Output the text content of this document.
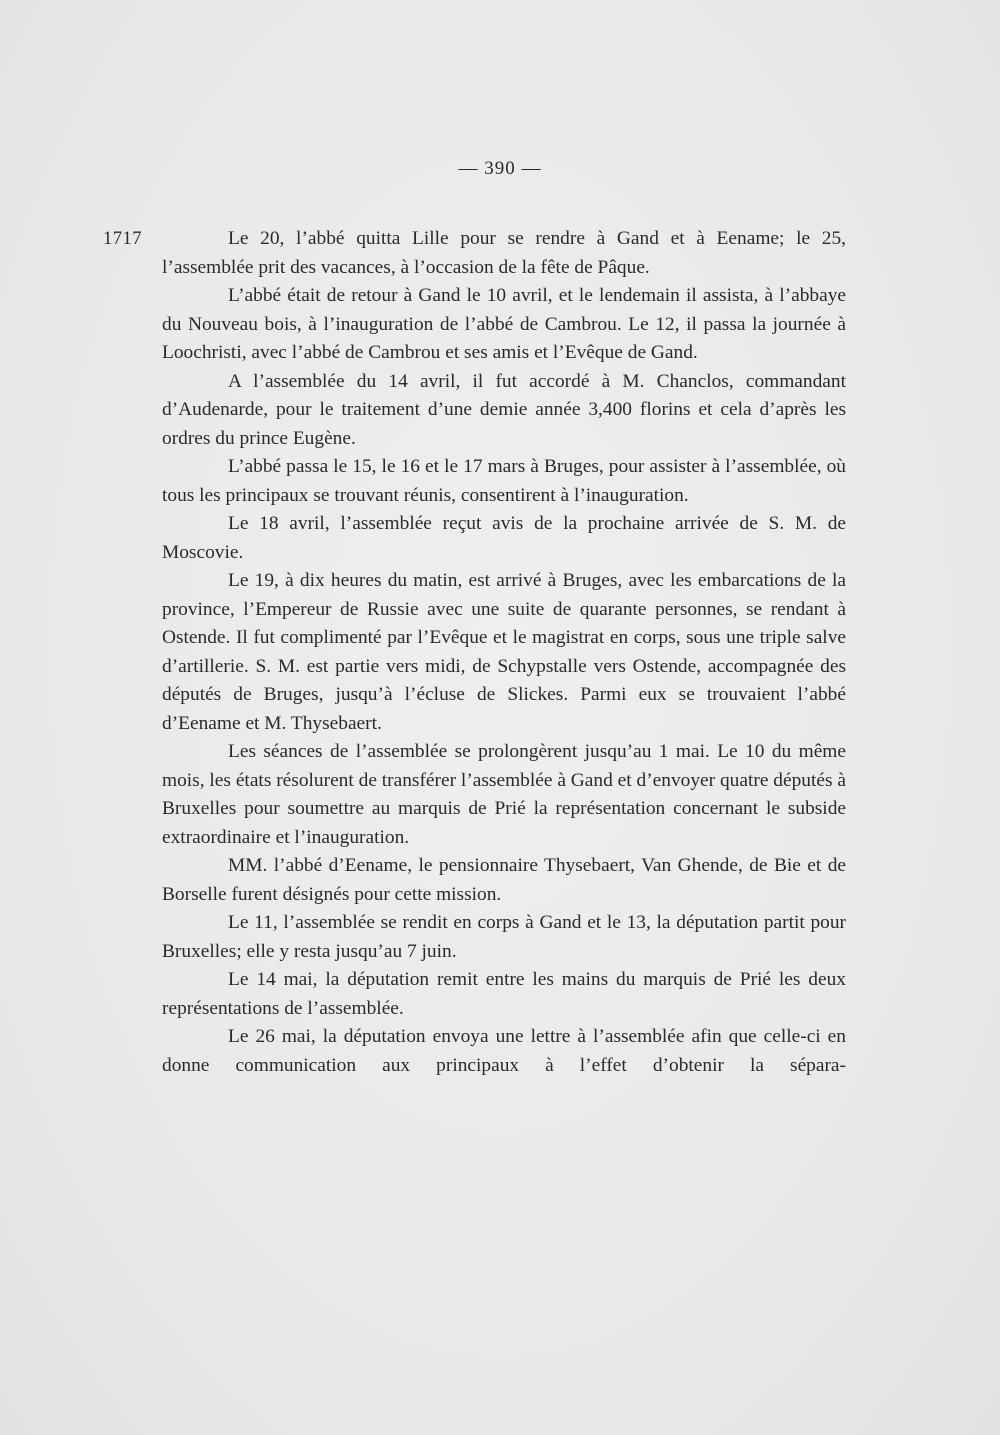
— 390 —
1717	Le 20, l’abbé quitta Lille pour se rendre à Gand et à Eename; le 25, l’assemblée prit des vacances, à l’occasion de la fête de Pâque.

L’abbé était de retour à Gand le 10 avril, et le lendemain il assista, à l’abbaye du Nouveau bois, à l’inauguration de l’abbé de Cambrou. Le 12, il passa la journée à Loochristi, avec l’abbé de Cambrou et ses amis et l’Evêque de Gand.

A l’assemblée du 14 avril, il fut accordé à M. Chanclos, commandant d’Audenarde, pour le traitement d’une demie année 3,400 florins et cela d’après les ordres du prince Eugène.

L’abbé passa le 15, le 16 et le 17 mars à Bruges, pour assister à l’assemblée, où tous les principaux se trouvant réunis, consentirent à l’inauguration.

Le 18 avril, l’assemblée reçut avis de la prochaine arrivée de S. M. de Moscovie.

Le 19, à dix heures du matin, est arrivé à Bruges, avec les embarcations de la province, l’Empereur de Russie avec une suite de quarante personnes, se rendant à Ostende. Il fut complimenté par l’Evêque et le magistrat en corps, sous une triple salve d’artillerie. S. M. est partie vers midi, de Schypstalle vers Ostende, accompagnée des députés de Bruges, jusqu’à l’écluse de Slickes. Parmi eux se trouvaient l’abbé d’Eename et M. Thysebaert.

Les séances de l’assemblée se prolongèrent jusqu’au 1 mai. Le 10 du même mois, les états résolurent de transférer l’assemblée à Gand et d’envoyer quatre députés à Bruxelles pour soumettre au marquis de Prié la représentation concernant le subside extraordinaire et l’inauguration.

MM. l’abbé d’Eename, le pensionnaire Thysebaert, Van Ghende, de Bie et de Borselle furent désignés pour cette mission.

Le 11, l’assemblée se rendit en corps à Gand et le 13, la députation partit pour Bruxelles; elle y resta jusqu’au 7 juin.

Le 14 mai, la députation remit entre les mains du marquis de Prié les deux représentations de l’assemblée.

Le 26 mai, la députation envoya une lettre à l’assemblée afin que celle-ci en donne communication aux principaux à l’effet d’obtenir la sépara-
